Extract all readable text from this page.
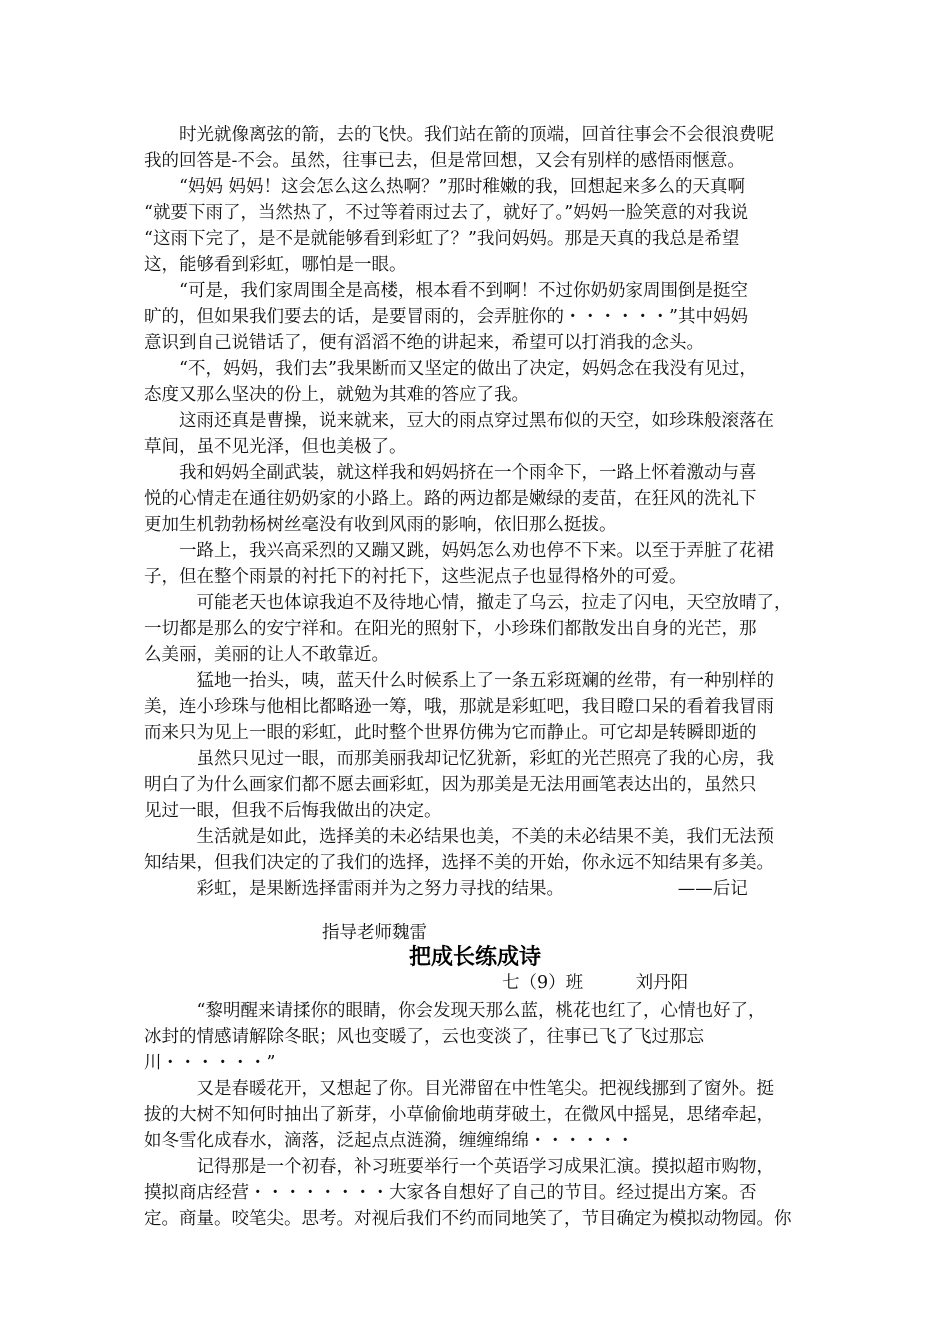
　　时光就像离弦的箭，去的飞快。我们站在箭的顶端，回首往事会不会很浪费呢
我的回答是-不会。虽然，往事已去，但是常回想，又会有别样的感悟雨惬意。
　　“妈妈 妈妈！这会怎么这么热啊？”那时稚嫩的我，回想起来多么的天真啊
“就要下雨了，当然热了，不过等着雨过去了，就好了。”妈妈一脸笑意的对我说
“这雨下完了，是不是就能够看到彩虹了？”我问妈妈。那是天真的我总是希望
这，能够看到彩虹，哪怕是一眼。
　　“可是，我们家周围全是高楼，根本看不到啊！不过你奶奶家周围倒是挺空
旷的，但如果我们要去的话，是要冒雨的，会弄脏你的・・・・・・”其中妈妈
意识到自己说错话了，便有滔滔不绝的讲起来，希望可以打消我的念头。
　　“不，妈妈，我们去”我果断而又坚定的做出了决定，妈妈念在我没有见过，
态度又那么坚决的份上，就勉为其难的答应了我。
　　这雨还真是曹操，说来就来，豆大的雨点穿过黑布似的天空，如珍珠般滚落在
草间，虽不见光泽，但也美极了。
　　我和妈妈全副武装，就这样我和妈妈挤在一个雨伞下，一路上怀着激动与喜
悦的心情走在通往奶奶家的小路上。路的两边都是嫩绿的麦苗，在狂风的洗礼下
更加生机勃勃杨树丝毫没有收到风雨的影响，依旧那么挺拔。
　　一路上，我兴高采烈的又蹦又跳，妈妈怎么劝也停不下来。以至于弄脏了花裙
子，但在整个雨景的衬托下的衬托下，这些泥点子也显得格外的可爱。
　　　可能老天也体谅我迫不及待地心情，撤走了乌云，拉走了闪电，天空放晴了，
一切都是那么的安宁祥和。在阳光的照射下，小珍珠们都散发出自身的光芒，那
么美丽，美丽的让人不敢靠近。
　　　猛地一抬头，咦，蓝天什么时候系上了一条五彩斑斓的丝带，有一种别样的
美，连小珍珠与他相比都略逊一筹，哦，那就是彩虹吧，我目瞪口呆的看着我冒雨
而来只为见上一眼的彩虹，此时整个世界仿佛为它而静止。可它却是转瞬即逝的
　　　虽然只见过一眼，而那美丽我却记忆犹新，彩虹的光芒照亮了我的心房，我
明白了为什么画家们都不愿去画彩虹，因为那美是无法用画笔表达出的，虽然只
见过一眼，但我不后悔我做出的决定。
　　　生活就是如此，选择美的未必结果也美，不美的未必结果不美，我们无法预
知结果，但我们决定的了我们的选择，选择不美的开始，你永远不知结果有多美。
　　　彩虹，是果断选择雷雨并为之努力寻找的结果。　　　　　　　——后记
指导老师魏雷
把成长练成诗
七（9）班　　　刘丹阳
　　　“黎明醒来请揉你的眼睛，你会发现天那么蓝，桃花也红了，心情也好了，
冰封的情感请解除冬眠；风也变暖了，云也变淡了，往事已飞了飞过那忘
川・・・・・・”
　　　又是春暖花开，又想起了你。目光滞留在中性笔尖。把视线挪到了窗外。挺
拔的大树不知何时抽出了新芽，小草偷偷地萌芽破土，在微风中摇晃，思绪牵起，
如冬雪化成春水，滴落，泛起点点涟漪，缠缠绵绵・・・・・・
　　　记得那是一个初春，补习班要举行一个英语学习成果汇演。摸拟超市购物，
摸拟商店经营・・・・・・・・大家各自想好了自己的节目。经过提出方案。否
定。商量。咬笔尖。思考。对视后我们不约而同地笑了，节目确定为模拟动物园。你
